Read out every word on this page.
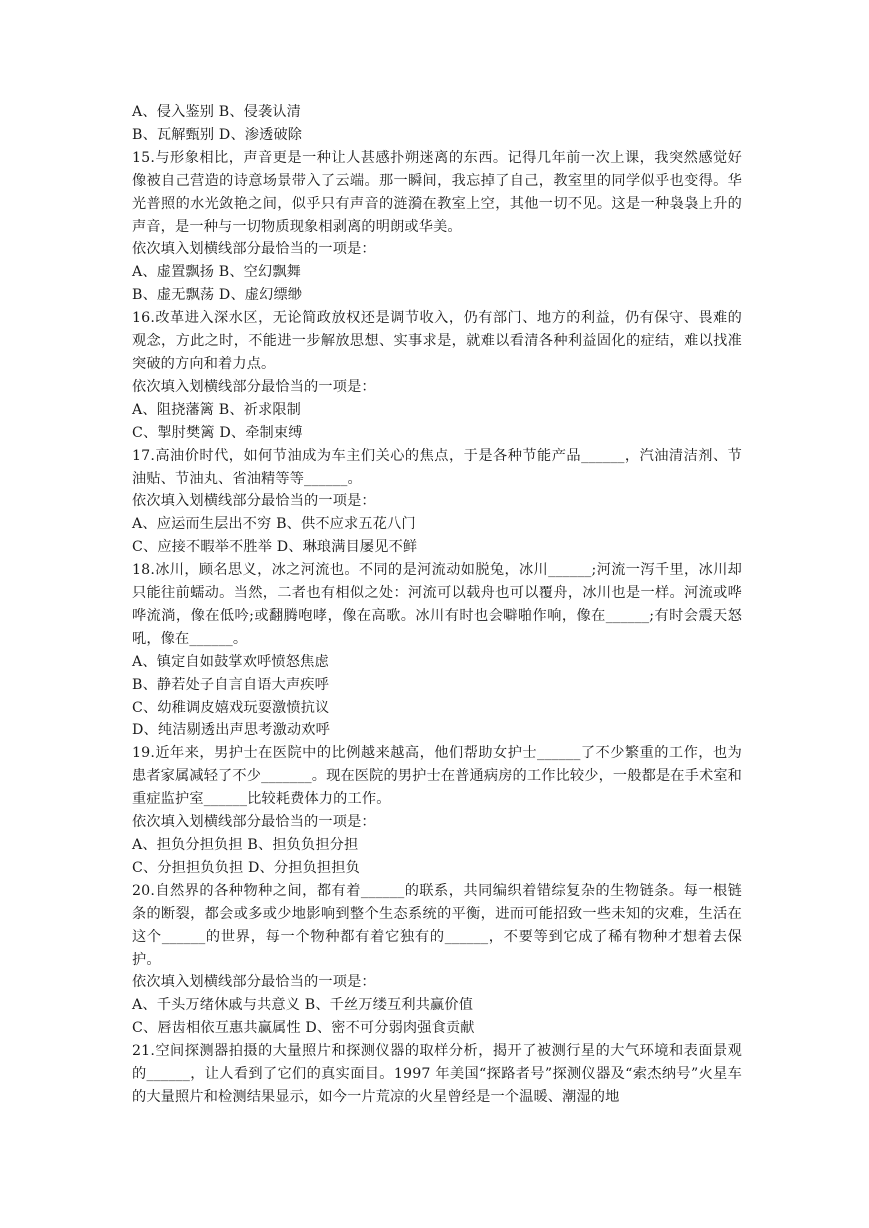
A、侵入鉴别 B、侵袭认清

B、瓦解甄别 D、渗透破除

15.与形象相比，声音更是一种让人甚感扑朔迷离的东西。记得几年前一次上课，我突然感觉好像被自己营造的诗意场景带入了云端。那一瞬间，我忘掉了自己，教室里的同学似乎也变得。华光普照的水光敛艳之间，似乎只有声音的涟漪在教室上空，其他一切不见。这是一种袅袅上升的声音，是一种与一切物质现象相剥离的明朗或华美。

依次填入划横线部分最恰当的一项是：

A、虚置飘扬 B、空幻飘舞

B、虚无飘荡 D、虚幻缥缈

16.改革进入深水区，无论简政放权还是调节收入，仍有部门、地方的利益，仍有保守、畏难的观念，方此之时，不能进一步解放思想、实事求是，就难以看清各种利益固化的症结，难以找准突破的方向和着力点。

依次填入划横线部分最恰当的一项是：

A、阻挠藩篱 B、祈求限制

C、掣肘樊篱 D、牵制束缚

17.高油价时代，如何节油成为车主们关心的焦点，于是各种节能产品______，汽油清洁剂、节油贴、节油丸、省油精等等______。

依次填入划横线部分最恰当的一项是：

A、应运而生层出不穷 B、供不应求五花八门

C、应接不暇举不胜举 D、琳琅满目屡见不鲜

18.冰川，顾名思义，冰之河流也。不同的是河流动如脱兔，冰川______;河流一泻千里，冰川却只能往前蠕动。当然，二者也有相似之处：河流可以载舟也可以覆舟，冰川也是一样。河流或哗哗流淌，像在低吟;或翻腾咆哮，像在高歌。冰川有时也会噼啪作响，像在______;有时会震天怒吼，像在______。

A、镇定自如鼓掌欢呼愤怒焦虑

B、静若处子自言自语大声疾呼

C、幼稚调皮嬉戏玩耍激愤抗议

D、纯洁剔透出声思考激动欢呼

19.近年来，男护士在医院中的比例越来越高，他们帮助女护士______了不少繁重的工作，也为患者家属减轻了不少_______。现在医院的男护士在普通病房的工作比较少，一般都是在手术室和重症监护室______比较耗费体力的工作。

依次填入划横线部分最恰当的一项是：

A、担负分担负担 B、担负负担分担

C、分担担负负担 D、分担负担担负

20.自然界的各种物种之间，都有着______的联系，共同编织着错综复杂的生物链条。每一根链条的断裂，都会或多或少地影响到整个生态系统的平衡，进而可能招致一些未知的灾难，生活在这个______的世界，每一个物种都有着它独有的______，不要等到它成了稀有物种才想着去保护。

依次填入划横线部分最恰当的一项是：

A、千头万绪休戚与共意义 B、千丝万缕互利共赢价值

C、唇齿相依互惠共赢属性 D、密不可分弱肉强食贡献

21.空间探测器拍摄的大量照片和探测仪器的取样分析，揭开了被测行星的大气环境和表面景观的______，让人看到了它们的真实面目。1997 年美国“探路者号”探测仪器及“索杰纳号”火星车的大量照片和检测结果显示，如今一片荒凉的火星曾经是一个温暖、潮湿的地
